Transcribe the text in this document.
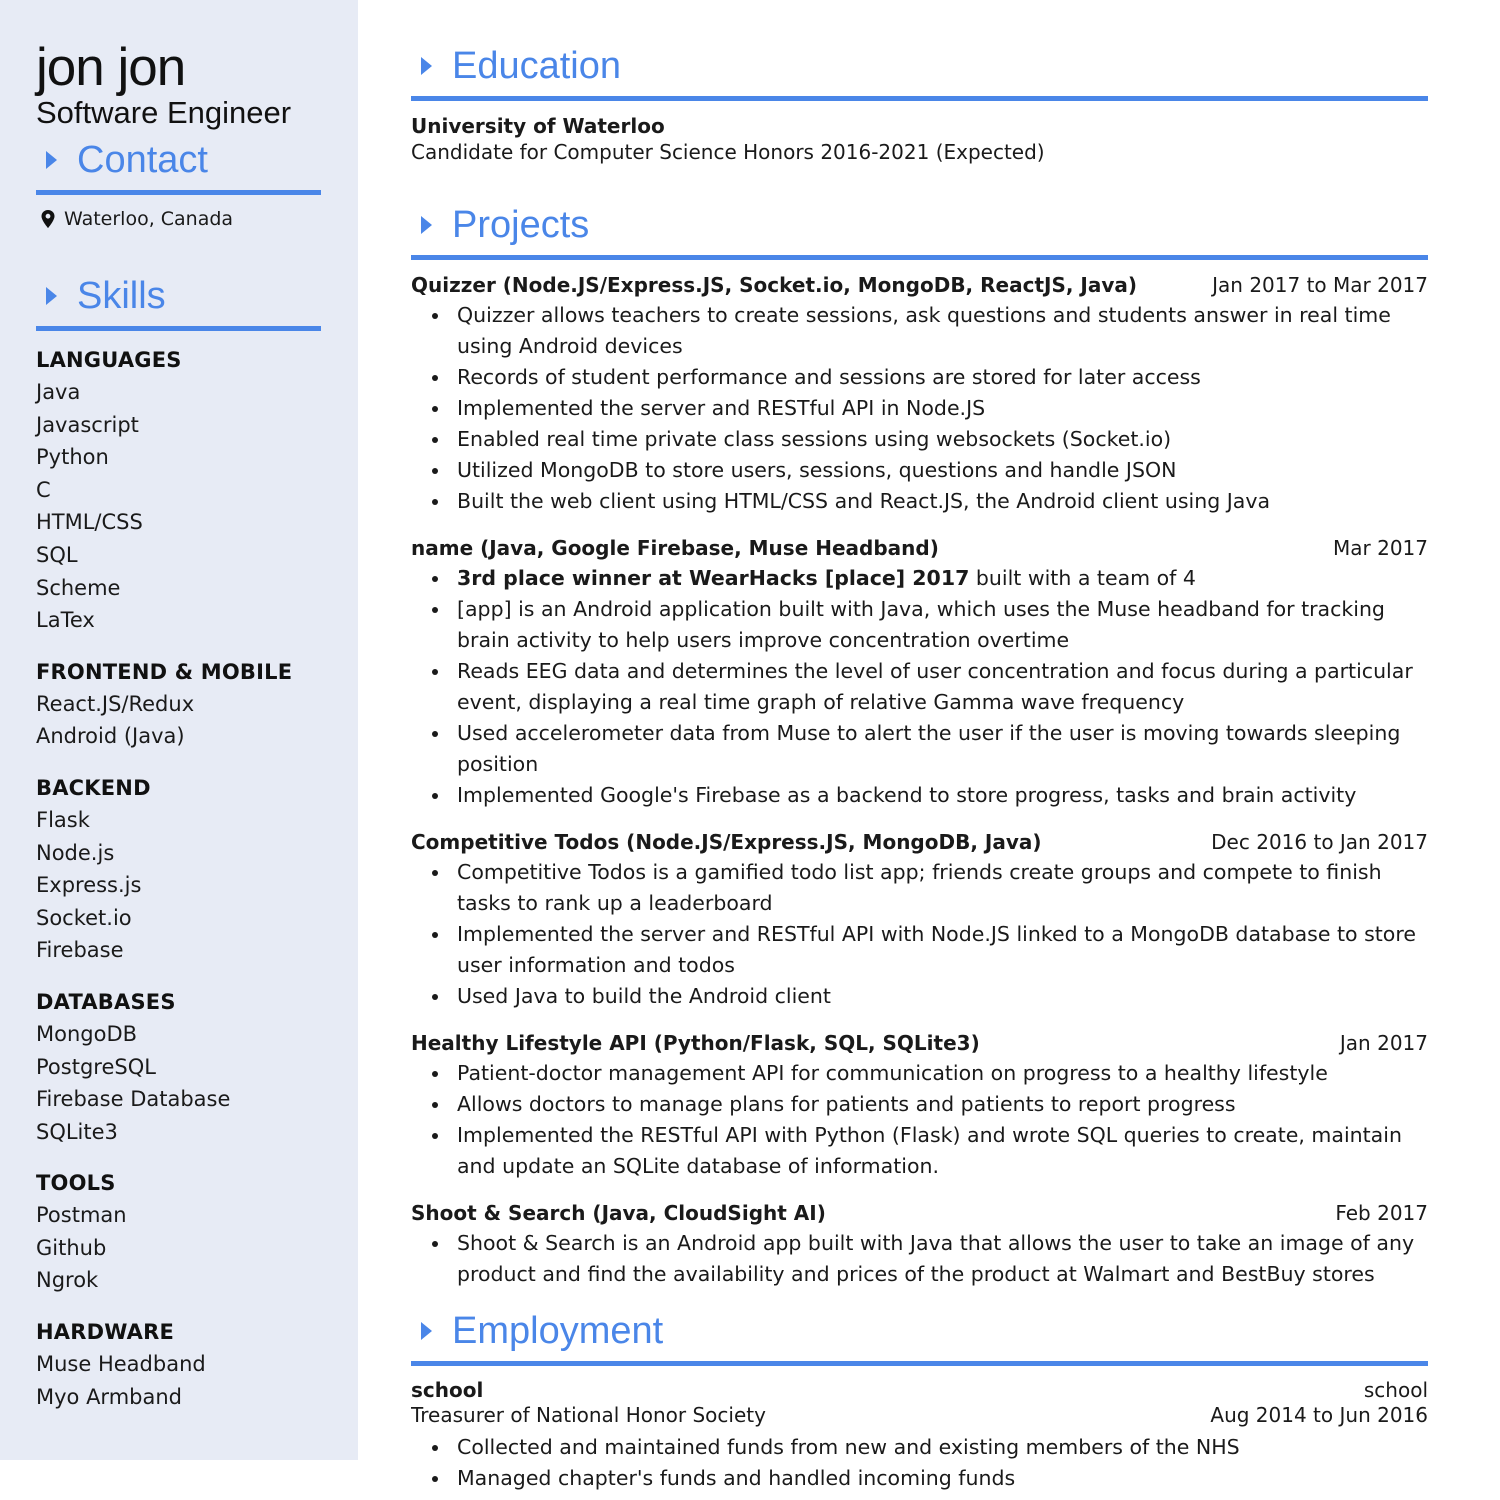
jon jon
Software Engineer
Contact
Waterloo, Canada
Skills
LANGUAGES
Java
Javascript
Python
C
HTML/CSS
SQL
Scheme
LaTex
FRONTEND & MOBILE
React.JS/Redux
Android (Java)
BACKEND
Flask
Node.js
Express.js
Socket.io
Firebase
DATABASES
MongoDB
PostgreSQL
Firebase Database
SQLite3
TOOLS
Postman
Github
Ngrok
HARDWARE
Muse Headband
Myo Armband
Education
University of Waterloo
Candidate for Computer Science Honors 2016-2021 (Expected)
Projects
Quizzer (Node.JS/Express.JS, Socket.io, MongoDB, ReactJS, Java)	Jan 2017 to Mar 2017
Quizzer allows teachers to create sessions, ask questions and students answer in real time using Android devices
Records of student performance and sessions are stored for later access
Implemented the server and RESTful API in Node.JS
Enabled real time private class sessions using websockets (Socket.io)
Utilized MongoDB to store users, sessions, questions and handle JSON
Built the web client using HTML/CSS and React.JS, the Android client using Java
name (Java, Google Firebase, Muse Headband)	Mar 2017
3rd place winner at WearHacks [place] 2017 built with a team of 4
[app] is an Android application built with Java, which uses the Muse headband for tracking brain activity to help users improve concentration overtime
Reads EEG data and determines the level of user concentration and focus during a particular event, displaying a real time graph of relative Gamma wave frequency
Used accelerometer data from Muse to alert the user if the user is moving towards sleeping position
Implemented Google's Firebase as a backend to store progress, tasks and brain activity
Competitive Todos (Node.JS/Express.JS, MongoDB, Java)	Dec 2016 to Jan 2017
Competitive Todos is a gamified todo list app; friends create groups and compete to finish tasks to rank up a leaderboard
Implemented the server and RESTful API with Node.JS linked to a MongoDB database to store user information and todos
Used Java to build the Android client
Healthy Lifestyle API (Python/Flask, SQL, SQLite3)	Jan 2017
Patient-doctor management API for communication on progress to a healthy lifestyle
Allows doctors to manage plans for patients and patients to report progress
Implemented the RESTful API with Python (Flask) and wrote SQL queries to create, maintain and update an SQLite database of information.
Shoot & Search (Java, CloudSight AI)	Feb 2017
Shoot & Search is an Android app built with Java that allows the user to take an image of any product and find the availability and prices of the product at Walmart and BestBuy stores
Employment
school	school
Treasurer of National Honor Society	Aug 2014 to Jun 2016
Collected and maintained funds from new and existing members of the NHS
Managed chapter's funds and handled incoming funds
